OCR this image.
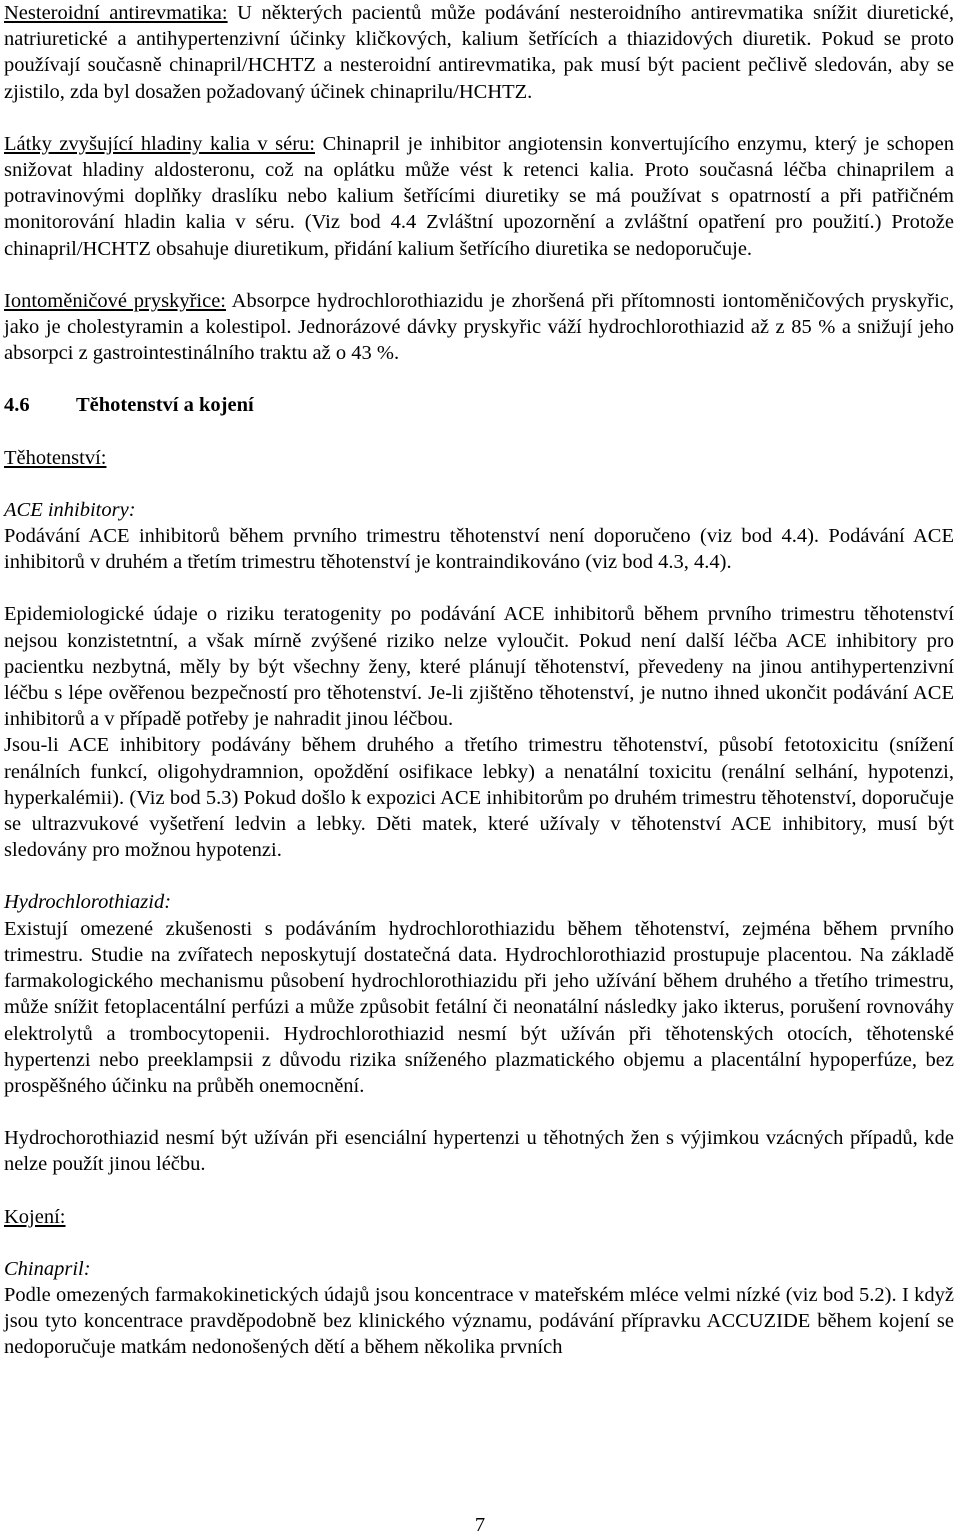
Nesteroidní antirevmatika: U některých pacientů může podávání nesteroidního antirevmatika snížit diuretické, natriuretické a antihypertenzivní účinky kličkových, kalium šetřících a thiazidových diuretik. Pokud se proto používají současně chinapril/HCHTZ a nesteroidní antirevmatika, pak musí být pacient pečlivě sledován, aby se zjistilo, zda byl dosažen požadovaný účinek chinaprilu/HCHTZ.

Látky zvyšující hladiny kalia v séru: Chinapril je inhibitor angiotensin konvertujícího enzymu, který je schopen snižovat hladiny aldosteronu, což na oplátku může vést k retenci kalia. Proto současná léčba chinaprilem a potravinovými doplňky draslíku nebo kalium šetřícími diuretiky se má používat s opatrností a při patřičném monitorování hladin kalia v séru. (Viz bod 4.4 Zvláštní upozornění a zvláštní opatření pro použití.) Protože chinapril/HCHTZ obsahuje diuretikum, přidání kalium šetřícího diuretika se nedoporučuje.

Iontoměničové pryskyřice: Absorpce hydrochlorothiazidu je zhoršená při přítomnosti iontoměničových pryskyřic, jako je cholestyramin a kolestipol. Jednorázové dávky pryskyřic váží hydrochlorothiazid až z 85 % a snižují jeho absorpci z gastrointestinálního traktu až o 43 %.

4.6 Těhotenství a kojení

Těhotenství:

ACE inhibitory:

Podávání ACE inhibitorů během prvního trimestru těhotenství není doporučeno (viz bod 4.4). Podávání ACE inhibitorů v druhém a třetím trimestru těhotenství je kontraindikováno (viz bod 4.3, 4.4).

Epidemiologické údaje o riziku teratogenity po podávání ACE inhibitorů během prvního trimestru těhotenství nejsou konzistetntní, a však mírně zvýšené riziko nelze vyloučit. Pokud není další léčba ACE inhibitory pro pacientku nezbytná, měly by být všechny ženy, které plánují těhotenství, převedeny na jinou antihypertenzivní léčbu s lépe ověřenou bezpečností pro těhotenství. Je-li zjištěno těhotenství, je nutno ihned ukončit podávání ACE inhibitorů a v případě potřeby je nahradit jinou léčbou.

Jsou-li ACE inhibitory podávány během druhého a třetího trimestru těhotenství, působí fetotoxicitu (snížení renálních funkcí, oligohydramnion, opoždění osifikace lebky) a nenatální toxicitu (renální selhání, hypotenzi, hyperkalémii). (Viz bod 5.3) Pokud došlo k expozici ACE inhibitorům po druhém trimestru těhotenství, doporučuje se ultrazvukové vyšetření ledvin a lebky. Děti matek, které užívaly v těhotenství ACE inhibitory, musí být sledovány pro možnou hypotenzi.

Hydrochlorothiazid:

Existují omezené zkušenosti s podáváním hydrochlorothiazidu během těhotenství, zejména během prvního trimestru. Studie na zvířatech neposkytují dostatečná data. Hydrochlorothiazid prostupuje placentou. Na základě farmakologického mechanismu působení hydrochlorothiazidu při jeho užívání během druhého a třetího trimestru, může snížit fetoplacentální perfúzi a může způsobit fetální či neonatální následky jako ikterus, porušení rovnováhy elektrolytů a trombocytopenii. Hydrochlorothiazid nesmí být užíván při těhotenských otocích, těhotenské hypertenzi nebo preeklampsii z důvodu rizika sníženého plazmatického objemu a placentální hypoperfúze, bez prospěšného účinku na průběh onemocnění.

Hydrochorothiazid nesmí být užíván při esenciální hypertenzi u těhotných žen s výjimkou vzácných případů, kde nelze použít jinou léčbu.

Kojení:

Chinapril:

Podle omezených farmakokinetických údajů jsou koncentrace v mateřském mléce velmi nízké (viz bod 5.2). I když jsou tyto koncentrace pravděpodobně bez klinického významu, podávání přípravku ACCUZIDE během kojení se nedoporučuje matkám nedonošených dětí a během několika prvních

7
